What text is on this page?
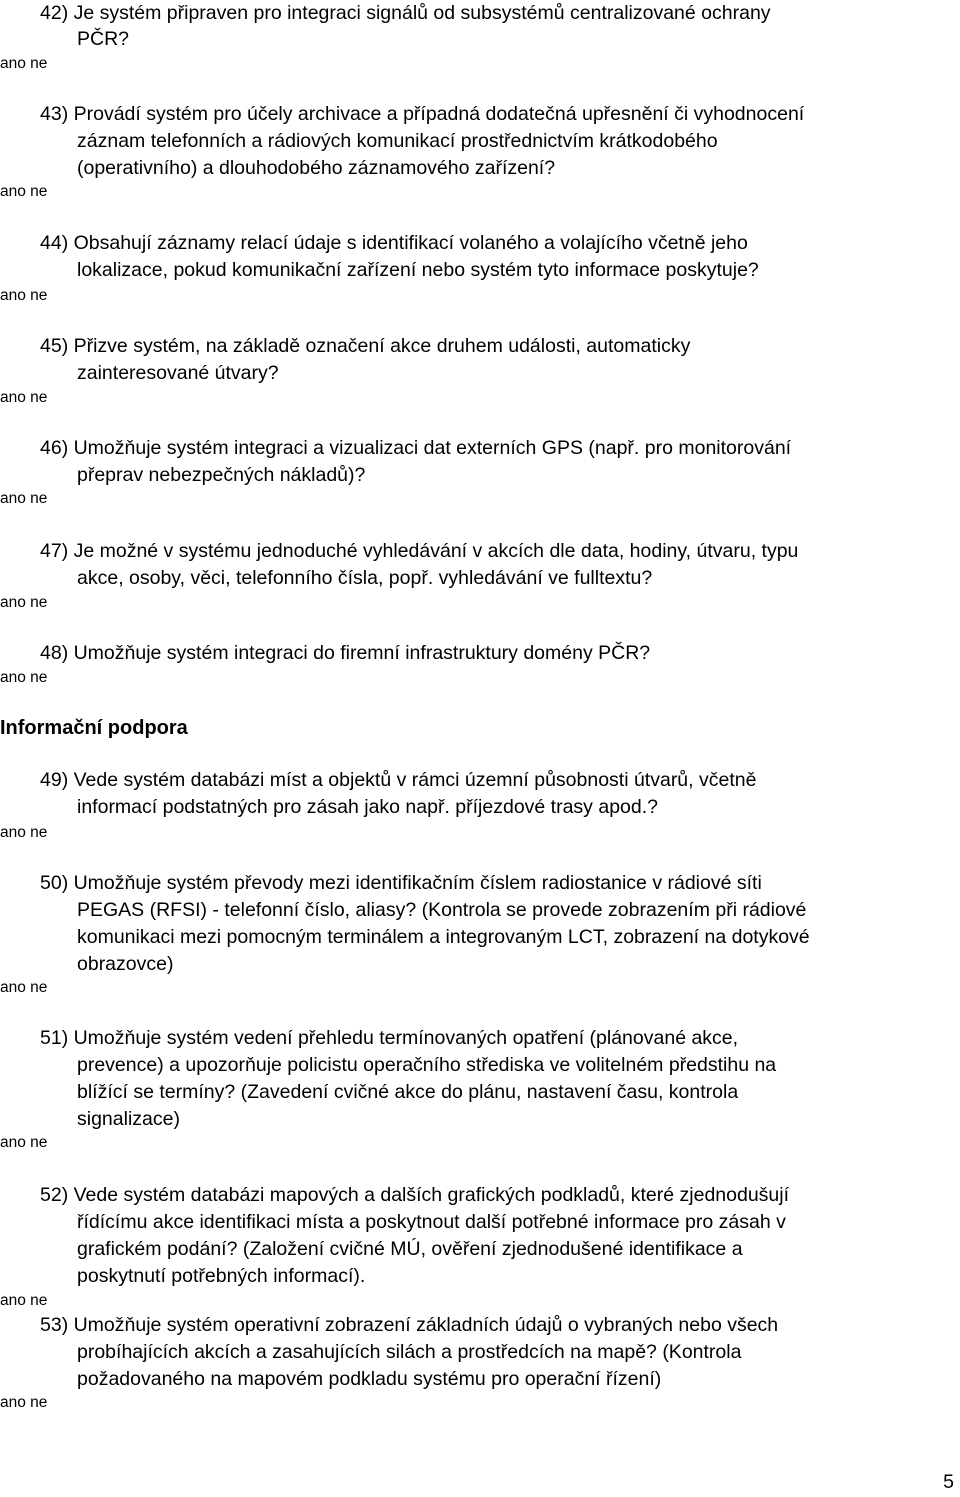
42) Je systém připraven pro integraci signálů od subsystémů centralizované ochrany
PČR?
ano ne
43) Provádí systém pro účely archivace a případná dodatečná upřesnění či vyhodnocení
záznam telefonních a rádiových komunikací prostřednictvím krátkodobého
(operativního) a dlouhodobého záznamového zařízení?
ano ne
44) Obsahují záznamy relací údaje s identifikací volaného a volajícího včetně jeho
lokalizace, pokud komunikační zařízení nebo systém tyto informace poskytuje?
ano ne
45) Přizve systém, na základě označení akce druhem události, automaticky
zainteresované útvary?
ano ne
46) Umožňuje systém integraci a vizualizaci dat externích GPS (např. pro monitorování
přeprav nebezpečných nákladů)?
ano ne
47) Je možné v systému jednoduché vyhledávání v akcích dle data, hodiny, útvaru, typu
akce, osoby, věci, telefonního čísla, popř. vyhledávání ve fulltextu?
ano ne
48) Umožňuje systém integraci do firemní infrastruktury domény PČR?
ano ne
Informační podpora
49) Vede systém databázi míst a objektů v rámci územní působnosti útvarů, včetně
informací podstatných pro zásah jako např. příjezdové trasy apod.?
ano ne
50) Umožňuje systém převody mezi identifikačním číslem radiostanice v rádiové síti
PEGAS (RFSI) - telefonní číslo, aliasy? (Kontrola se provede zobrazením při rádiové
komunikaci mezi pomocným terminálem a integrovaným LCT, zobrazení na dotykové
obrazovce)
ano ne
51) Umožňuje systém vedení přehledu termínovaných opatření (plánované akce,
prevence) a upozorňuje policistu operačního střediska ve volitelném předstihu na
blížící se termíny? (Zavedení cvičné akce do plánu, nastavení času, kontrola
signalizace)
ano ne
52) Vede systém databázi mapových a dalších grafických podkladů, které zjednodušují
řídícímu akce identifikaci místa a poskytnout další potřebné informace pro zásah v
grafickém podání? (Založení cvičné MÚ, ověření zjednodušené identifikace a
poskytnutí potřebných informací).
ano ne
53) Umožňuje systém operativní zobrazení základních údajů o vybraných nebo všech
probíhajících akcích a zasahujících silách a prostředcích na mapě? (Kontrola
požadovaného na mapovém podkladu systému pro operační řízení)
ano ne
5
